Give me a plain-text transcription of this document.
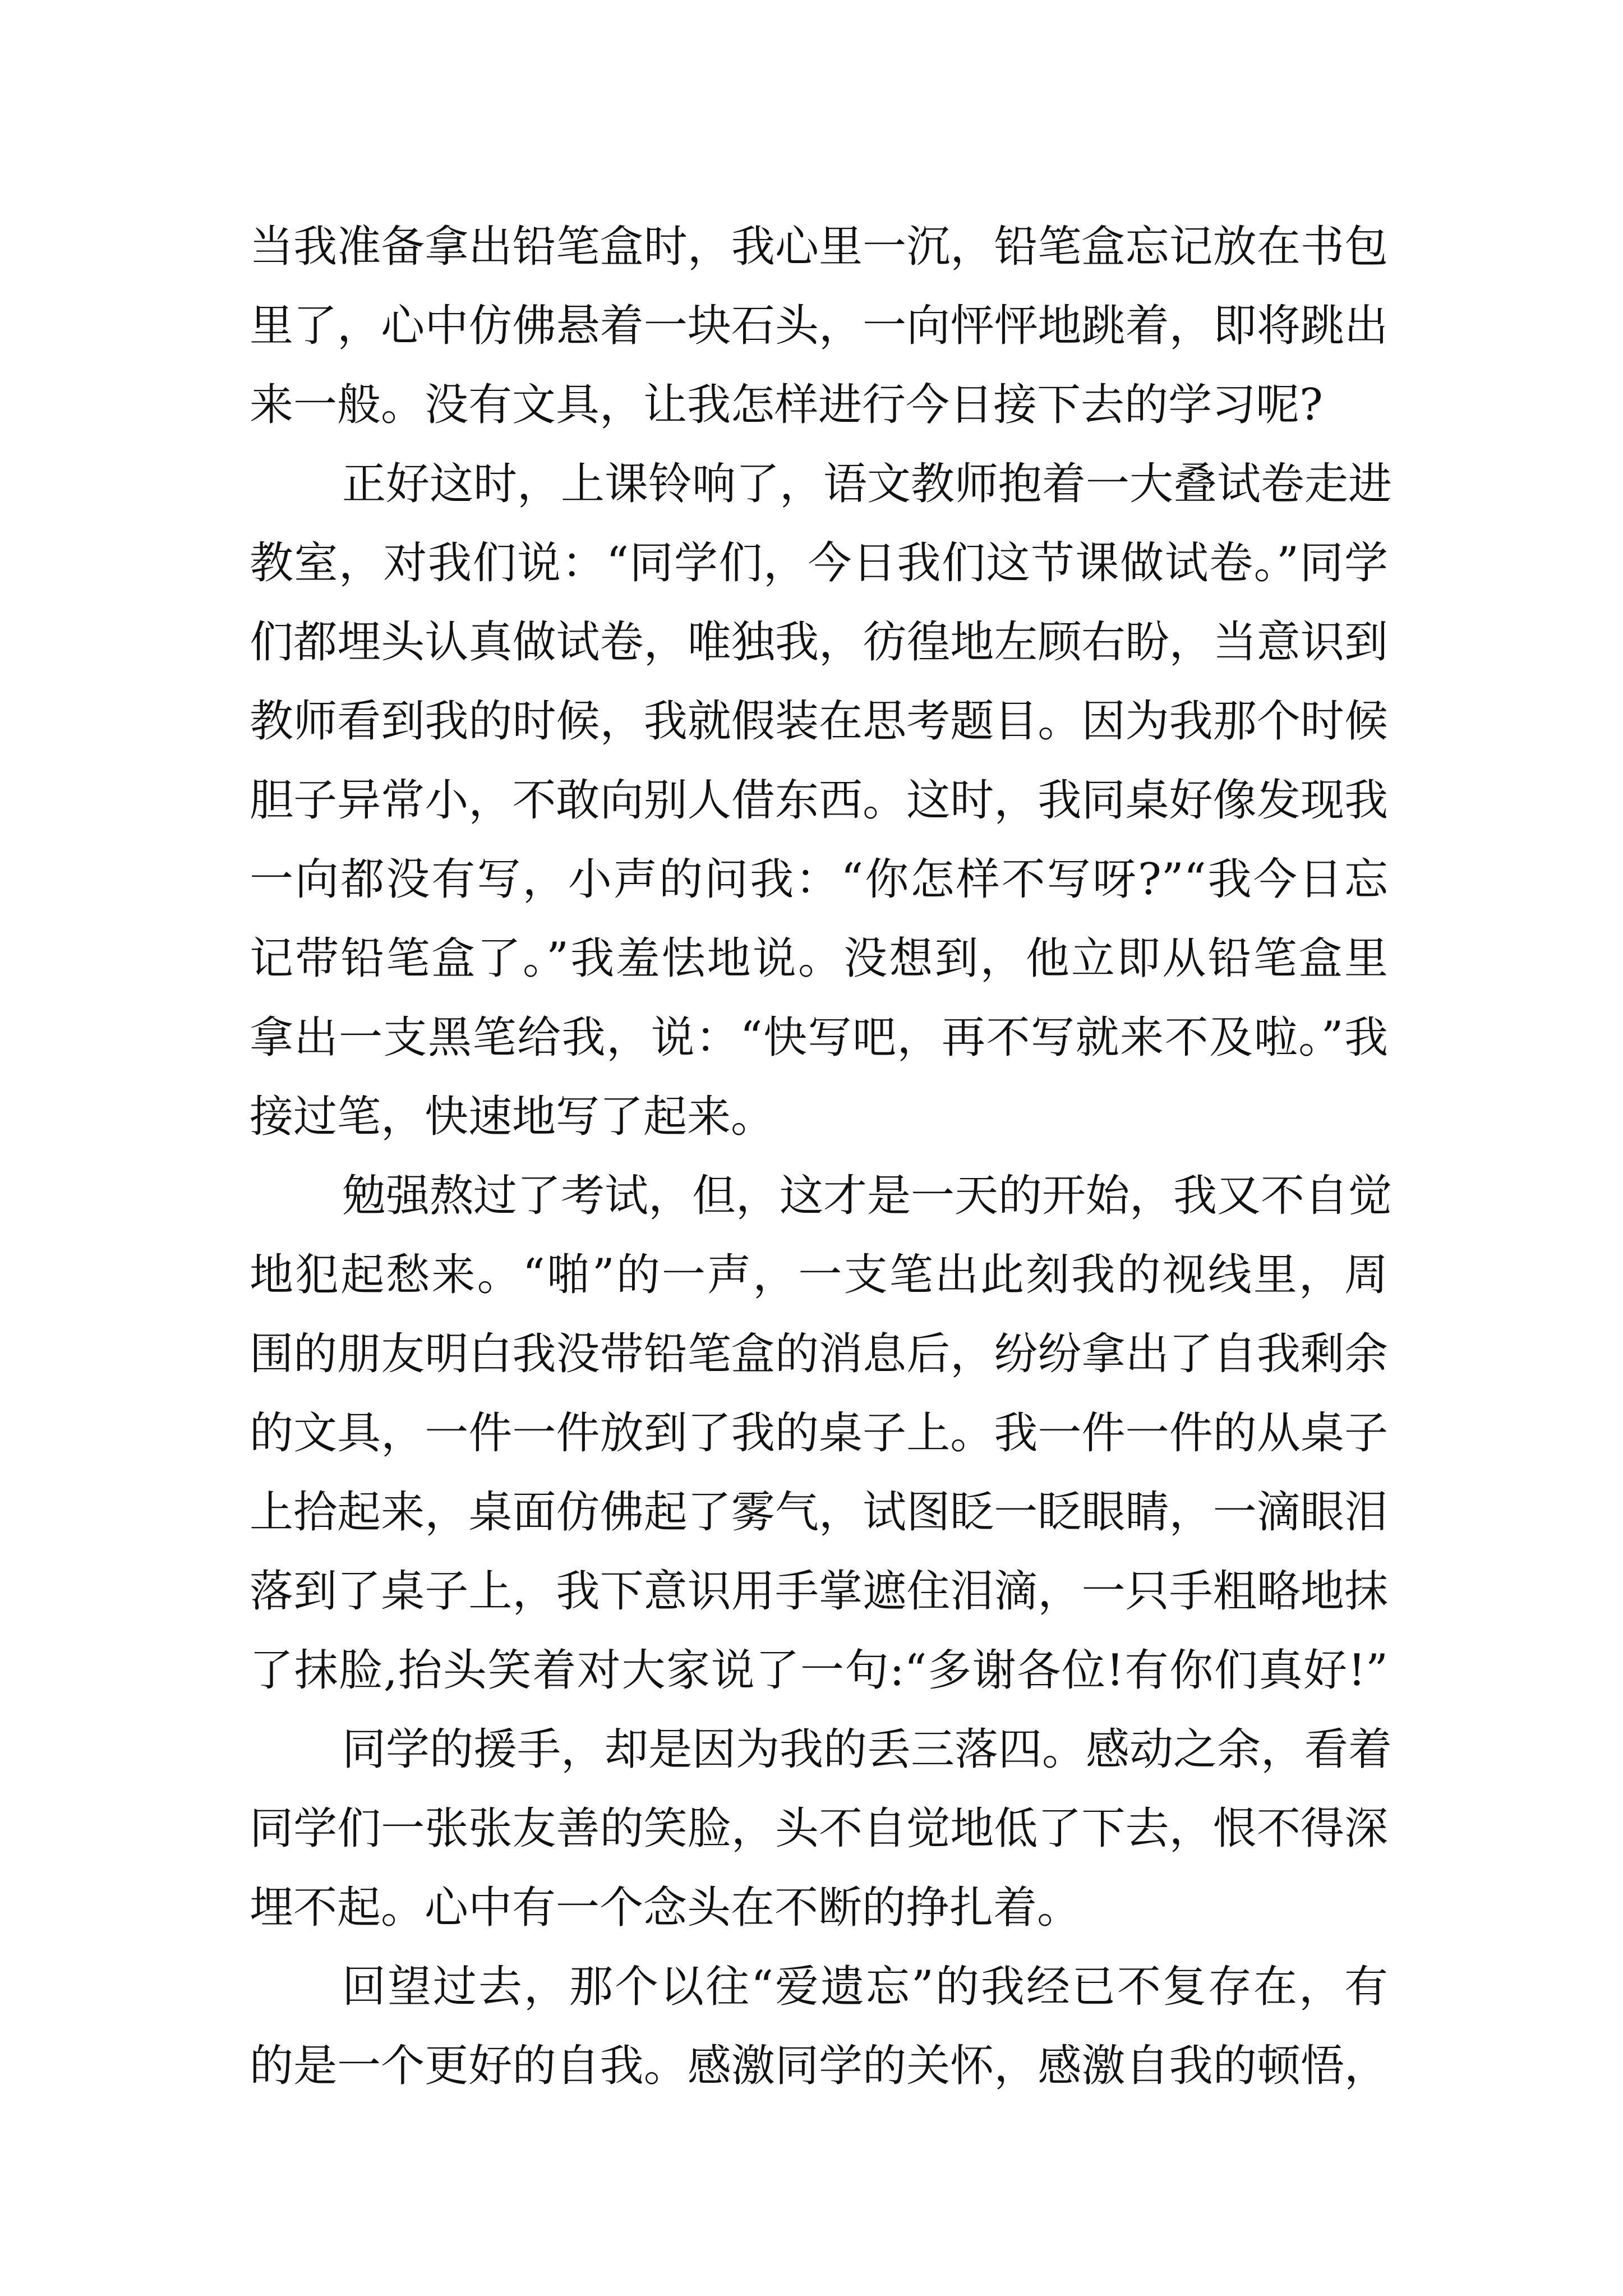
当我准备拿出铅笔盒时，我心里一沉，铅笔盒忘记放在书包
里了，心中仿佛悬着一块石头，一向怦怦地跳着，即将跳出
来一般。没有文具，让我怎样进行今日接下去的学习呢?
正好这时，上课铃响了，语文教师抱着一大叠试卷走进
教室，对我们说：“同学们，今日我们这节课做试卷。”同学
们都埋头认真做试卷，唯独我，彷徨地左顾右盼，当意识到
教师看到我的时候，我就假装在思考题目。因为我那个时候
胆子异常小，不敢向别人借东西。这时，我同桌好像发现我
一向都没有写，小声的问我：“你怎样不写呀?”“我今日忘
记带铅笔盒了。”我羞怯地说。没想到，他立即从铅笔盒里
拿出一支黑笔给我，说：“快写吧，再不写就来不及啦。”我
接过笔，快速地写了起来。
勉强熬过了考试，但，这才是一天的开始，我又不自觉
地犯起愁来。“啪”的一声，一支笔出此刻我的视线里，周
围的朋友明白我没带铅笔盒的消息后，纷纷拿出了自我剩余
的文具，一件一件放到了我的桌子上。我一件一件的从桌子
上拾起来，桌面仿佛起了雾气，试图眨一眨眼睛，一滴眼泪
落到了桌子上，我下意识用手掌遮住泪滴，一只手粗略地抹
了抹脸,抬头笑着对大家说了一句:“多谢各位!有你们真好!”
同学的援手，却是因为我的丢三落四。感动之余，看着
同学们一张张友善的笑脸，头不自觉地低了下去，恨不得深
埋不起。心中有一个念头在不断的挣扎着。
回望过去，那个以往“爱遗忘”的我经已不复存在，有
的是一个更好的自我。感激同学的关怀，感激自我的顿悟，
